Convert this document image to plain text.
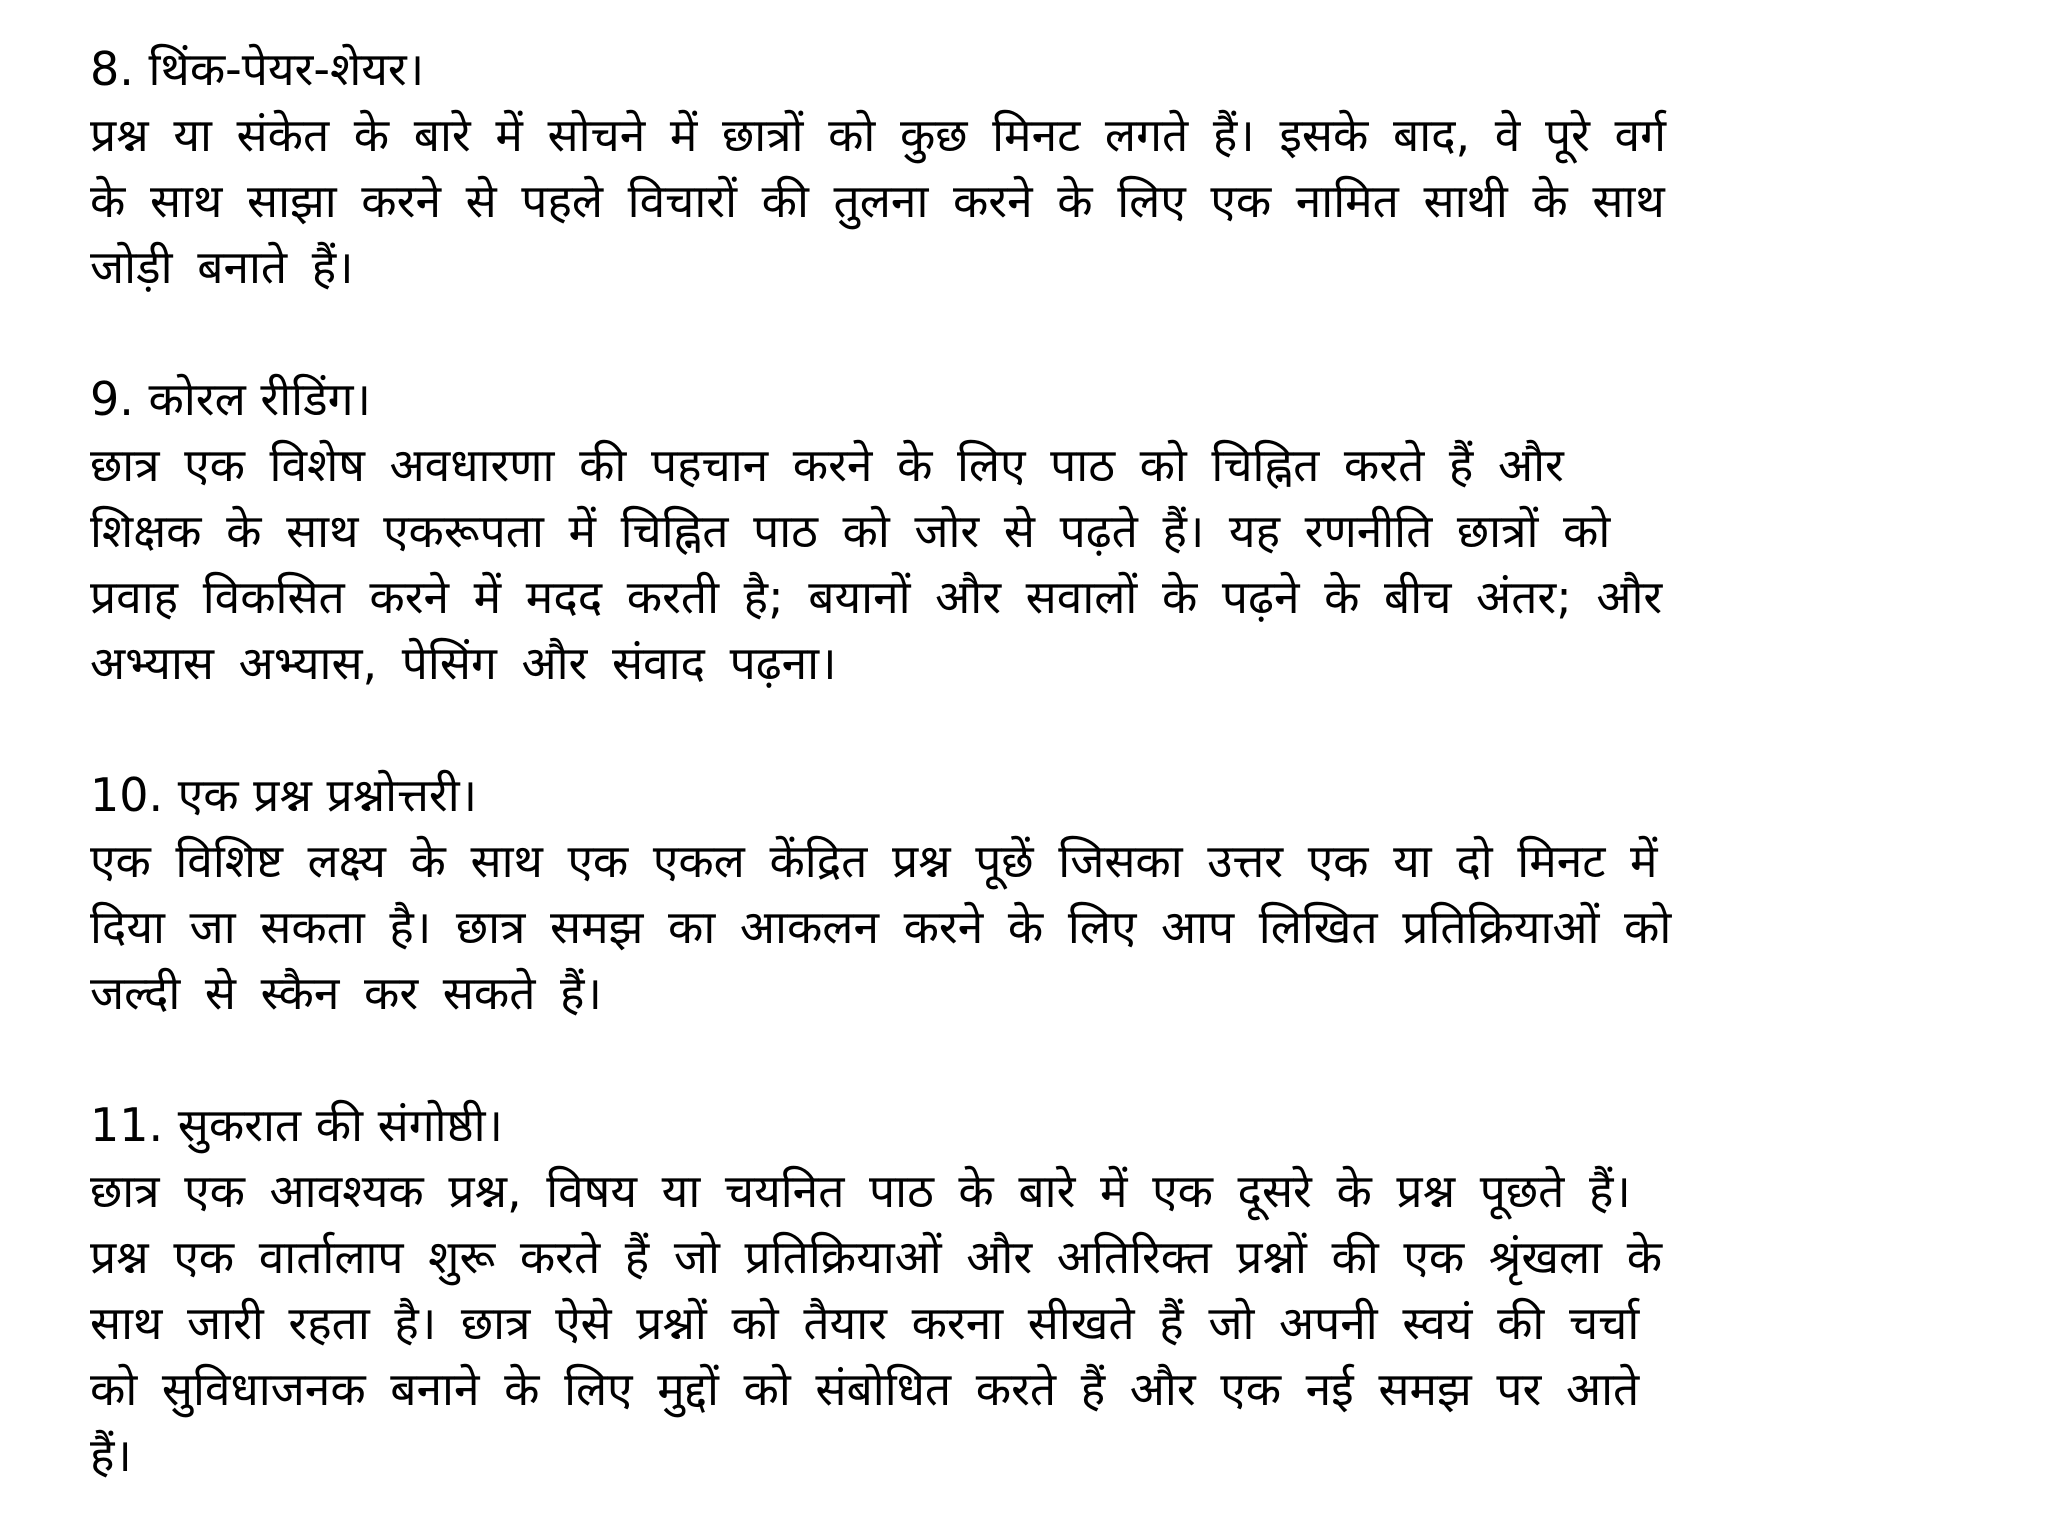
8. थिंक-पेयर-शेयर।
प्रश्न या संकेत के बारे में सोचने में छात्रों को कुछ मिनट लगते हैं। इसके बाद, वे पूरे वर्ग
के साथ साझा करने से पहले विचारों की तुलना करने के लिए एक नामित साथी के साथ
जोड़ी बनाते हैं।
9. कोरल रीडिंग।
छात्र एक विशेष अवधारणा की पहचान करने के लिए पाठ को चिह्नित करते हैं और
शिक्षक के साथ एकरूपता में चिह्नित पाठ को जोर से पढ़ते हैं। यह रणनीति छात्रों को
प्रवाह विकसित करने में मदद करती है; बयानों और सवालों के पढ़ने के बीच अंतर; और
अभ्यास अभ्यास, पेसिंग और संवाद पढ़ना।
10. एक प्रश्न प्रश्नोत्तरी।
एक विशिष्ट लक्ष्य के साथ एक एकल केंद्रित प्रश्न पूछें जिसका उत्तर एक या दो मिनट में
दिया जा सकता है। छात्र समझ का आकलन करने के लिए आप लिखित प्रतिक्रियाओं को
जल्दी से स्कैन कर सकते हैं।
11. सुकरात की संगोष्ठी।
छात्र एक आवश्यक प्रश्न, विषय या चयनित पाठ के बारे में एक दूसरे के प्रश्न पूछते हैं।
प्रश्न एक वार्तालाप शुरू करते हैं जो प्रतिक्रियाओं और अतिरिक्त प्रश्नों की एक श्रृंखला के
साथ जारी रहता है। छात्र ऐसे प्रश्नों को तैयार करना सीखते हैं जो अपनी स्वयं की चर्चा
को सुविधाजनक बनाने के लिए मुद्दों को संबोधित करते हैं और एक नई समझ पर आते
हैं।
